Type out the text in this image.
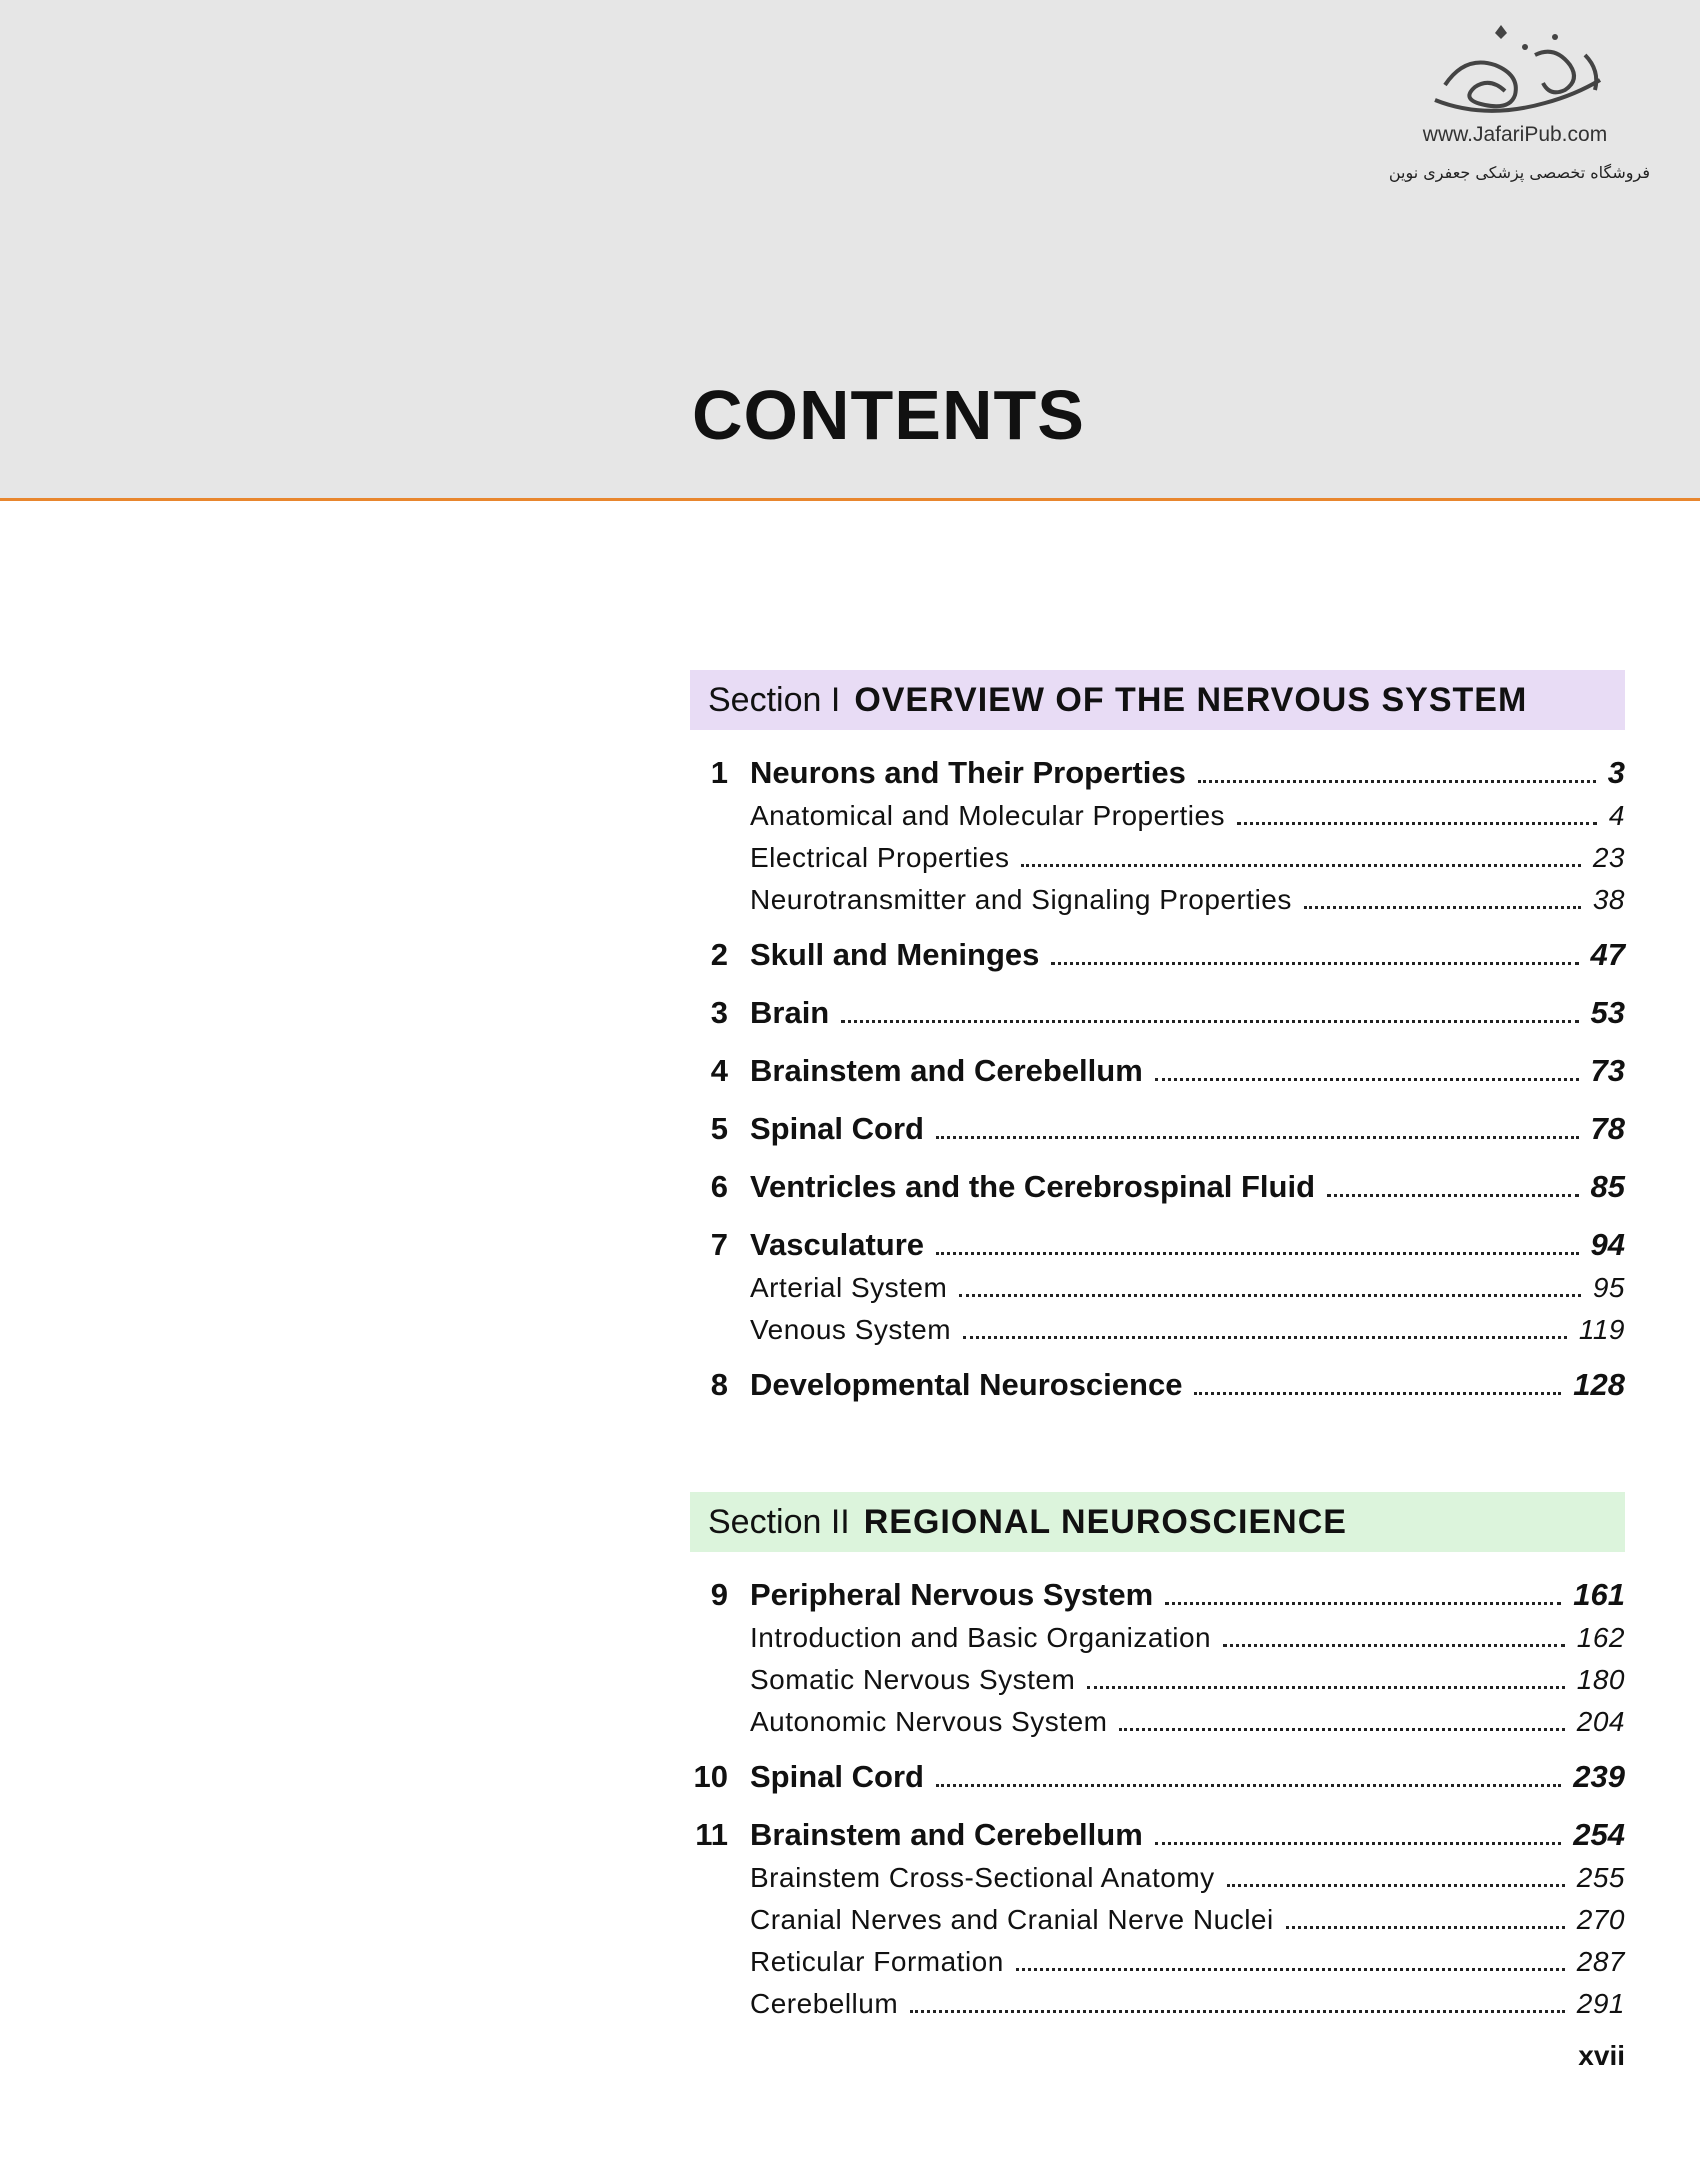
www.JafariPub.com
فروشگاه تخصصی پزشکی جعفری نوین
CONTENTS
Section I OVERVIEW OF THE NERVOUS SYSTEM
1 Neurons and Their Properties	3
Anatomical and Molecular Properties	4
Electrical Properties	23
Neurotransmitter and Signaling Properties	38
2 Skull and Meninges	47
3 Brain	53
4 Brainstem and Cerebellum	73
5 Spinal Cord	78
6 Ventricles and the Cerebrospinal Fluid	85
7 Vasculature	94
Arterial System	95
Venous System	119
8 Developmental Neuroscience	128
Section II REGIONAL NEUROSCIENCE
9 Peripheral Nervous System	161
Introduction and Basic Organization	162
Somatic Nervous System	180
Autonomic Nervous System	204
10 Spinal Cord	239
11 Brainstem and Cerebellum	254
Brainstem Cross-Sectional Anatomy	255
Cranial Nerves and Cranial Nerve Nuclei	270
Reticular Formation	287
Cerebellum	291
xvii
